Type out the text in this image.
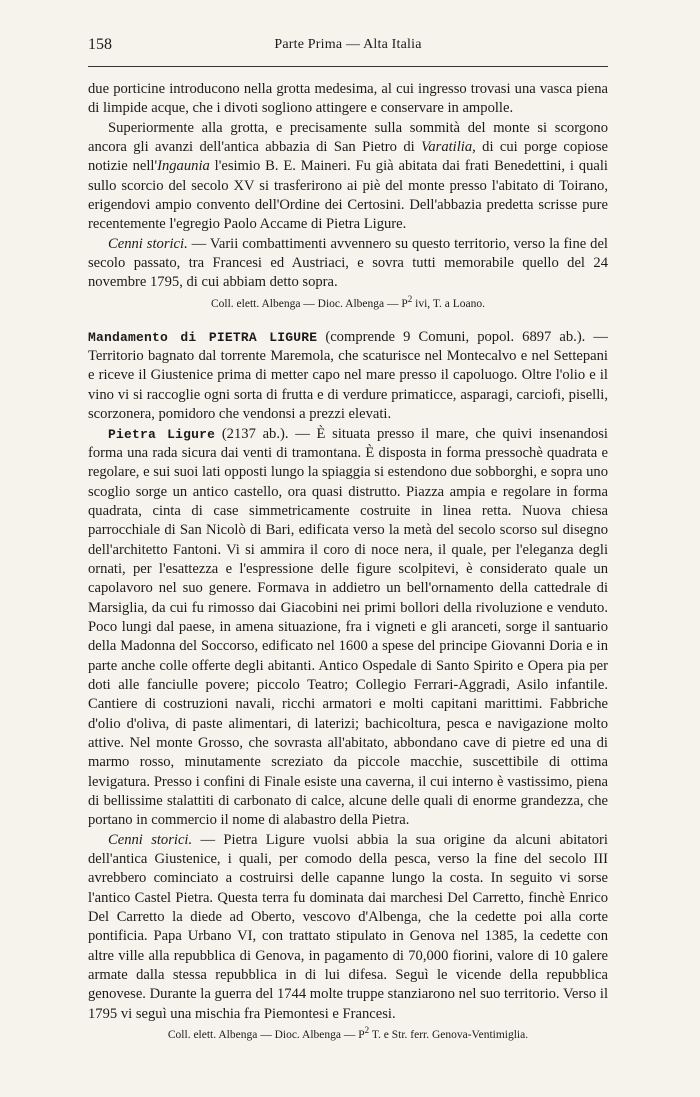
158	Parte Prima — Alta Italia

due porticine introducono nella grotta medesima, al cui ingresso trovasi una vasca piena di limpide acque, che i divoti sogliono attingere e conservare in ampolle.

Superiormente alla grotta, e precisamente sulla sommità del monte si scorgono ancora gli avanzi dell'antica abbazia di San Pietro di Varatilia, di cui porge copiose notizie nell'Ingaunia l'esimio B. E. Maineri. Fu già abitata dai frati Benedettini, i quali sullo scorcio del secolo XV si trasferirono ai piè del monte presso l'abitato di Toirano, erigendovi ampio convento dell'Ordine dei Certosini. Dell'abbazia predetta scrisse pure recentemente l'egregio Paolo Accame di Pietra Ligure.

Cenni storici. — Varii combattimenti avvennero su questo territorio, verso la fine del secolo passato, tra Francesi ed Austriaci, e sovra tutti memorabile quello del 24 novembre 1795, di cui abbiam detto sopra.

Coll. elett. Albenga — Dioc. Albenga — $P^2$ ivi, T. a Loano.

Mandamento di PIETRA LIGURE (comprende 9 Comuni, popol. 6897 ab.). — Territorio bagnato dal torrente Maremola, che scaturisce nel Montecalvo e nel Settepani e riceve il Giustenice prima di metter capo nel mare presso il capoluogo. Oltre l'olio e il vino vi si raccoglie ogni sorta di frutta e di verdure primaticce, asparagi, carciofi, piselli, scorzonera, pomidoro che vendonsi a prezzi elevati.

Pietra Ligure (2137 ab.). — È situata presso il mare, che quivi insenandosi forma una rada sicura dai venti di tramontana. È disposta in forma pressochè quadrata e regolare, e sui suoi lati opposti lungo la spiaggia si estendono due sobborghi, e sopra uno scoglio sorge un antico castello, ora quasi distrutto. Piazza ampia e regolare in forma quadrata, cinta di case simmetricamente costruite in linea retta. Nuova chiesa parrocchiale di San Nicolò di Bari, edificata verso la metà del secolo scorso sul disegno dell'architetto Fantoni. Vi si ammira il coro di noce nera, il quale, per l'eleganza degli ornati, per l'esattezza e l'espressione delle figure scolpitevi, è considerato quale un capolavoro nel suo genere. Formava in addietro un bell'ornamento della cattedrale di Marsiglia, da cui fu rimosso dai Giacobini nei primi bollori della rivoluzione e venduto. Poco lungi dal paese, in amena situazione, fra i vigneti e gli aranceti, sorge il santuario della Madonna del Soccorso, edificato nel 1600 a spese del principe Giovanni Doria e in parte anche colle offerte degli abitanti. Antico Ospedale di Santo Spirito e Opera pia per doti alle fanciulle povere; piccolo Teatro; Collegio Ferrari-Aggradi, Asilo infantile. Cantiere di costruzioni navali, ricchi armatori e molti capitani marittimi. Fabbriche d'olio d'oliva, di paste alimentari, di laterizi; bachicoltura, pesca e navigazione molto attive. Nel monte Grosso, che sovrasta all'abitato, abbondano cave di pietre ed una di marmo rosso, minutamente screziato da piccole macchie, suscettibile di ottima levigatura. Presso i confini di Finale esiste una caverna, il cui interno è vastissimo, piena di bellissime stalattiti di carbonato di calce, alcune delle quali di enorme grandezza, che portano in commercio il nome di alabastro della Pietra.

Cenni storici. — Pietra Ligure vuolsi abbia la sua origine da alcuni abitatori dell'antica Giustenice, i quali, per comodo della pesca, verso la fine del secolo III avrebbero cominciato a costruirsi delle capanne lungo la costa. In seguito vi sorse l'antico Castel Pietra. Questa terra fu dominata dai marchesi Del Carretto, finchè Enrico Del Carretto la diede ad Oberto, vescovo d'Albenga, che la cedette poi alla corte pontificia. Papa Urbano VI, con trattato stipulato in Genova nel 1385, la cedette con altre ville alla repubblica di Genova, in pagamento di 70,000 fiorini, valore di 10 galere armate dalla stessa repubblica in di lui difesa. Seguì le vicende della repubblica genovese. Durante la guerra del 1744 molte truppe stanziarono nel suo territorio. Verso il 1795 vi seguì una mischia fra Piemontesi e Francesi.

Coll. elett. Albenga — Dioc. Albenga — $P^2$ T. e Str. ferr. Genova-Ventimiglia.
